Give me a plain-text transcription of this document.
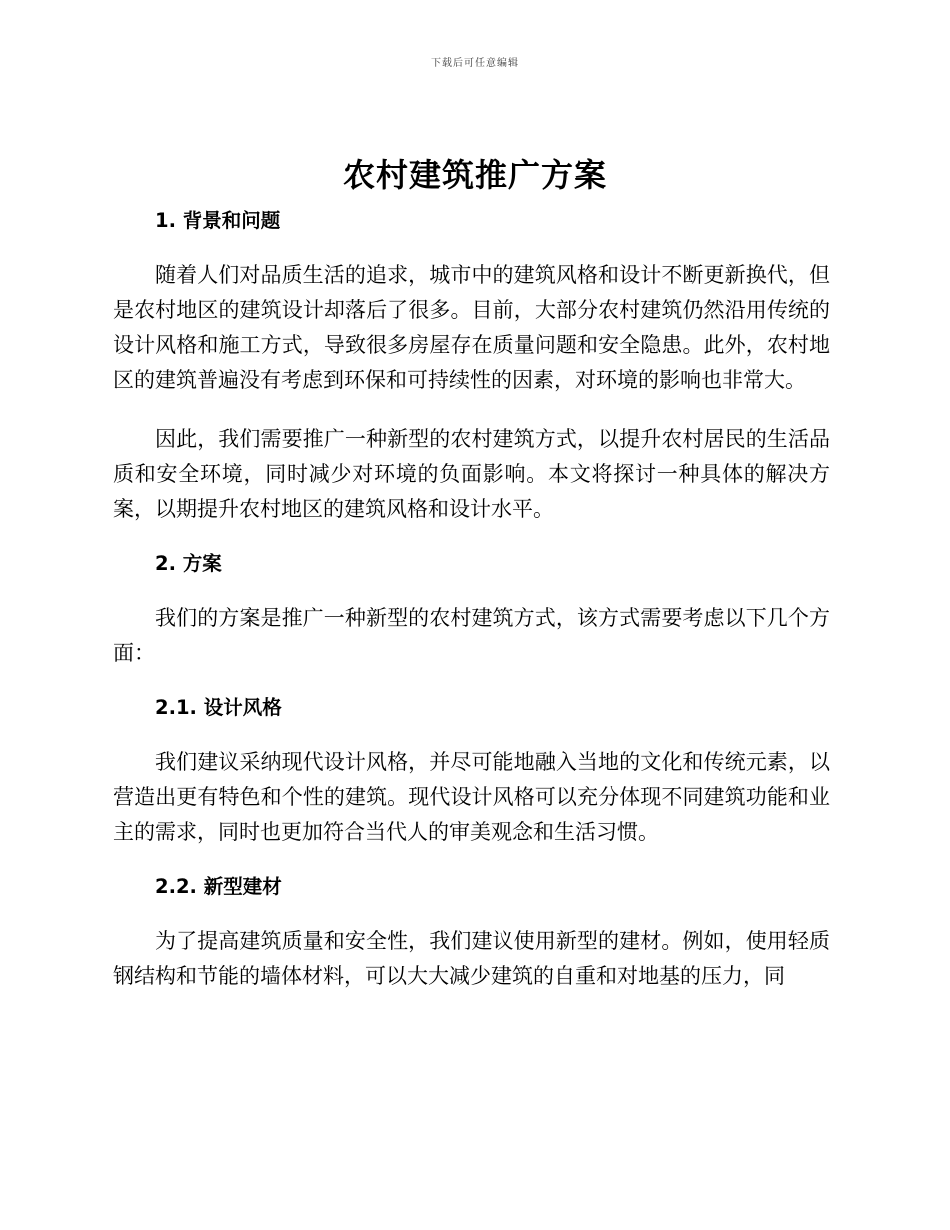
下载后可任意编辑
农村建筑推广方案
1. 背景和问题

随着人们对品质生活的追求，城市中的建筑风格和设计不断更新换代，但是农村地区的建筑设计却落后了很多。目前，大部分农村建筑仍然沿用传统的设计风格和施工方式，导致很多房屋存在质量问题和安全隐患。此外，农村地区的建筑普遍没有考虑到环保和可持续性的因素，对环境的影响也非常大。

因此，我们需要推广一种新型的农村建筑方式，以提升农村居民的生活品质和安全环境，同时减少对环境的负面影响。本文将探讨一种具体的解决方案，以期提升农村地区的建筑风格和设计水平。

2. 方案

我们的方案是推广一种新型的农村建筑方式，该方式需要考虑以下几个方面：

2.1. 设计风格

我们建议采纳现代设计风格，并尽可能地融入当地的文化和传统元素，以营造出更有特色和个性的建筑。现代设计风格可以充分体现不同建筑功能和业主的需求，同时也更加符合当代人的审美观念和生活习惯。

2.2. 新型建材

为了提高建筑质量和安全性，我们建议使用新型的建材。例如，使用轻质钢结构和节能的墙体材料，可以大大减少建筑的自重和对地基的压力，同
